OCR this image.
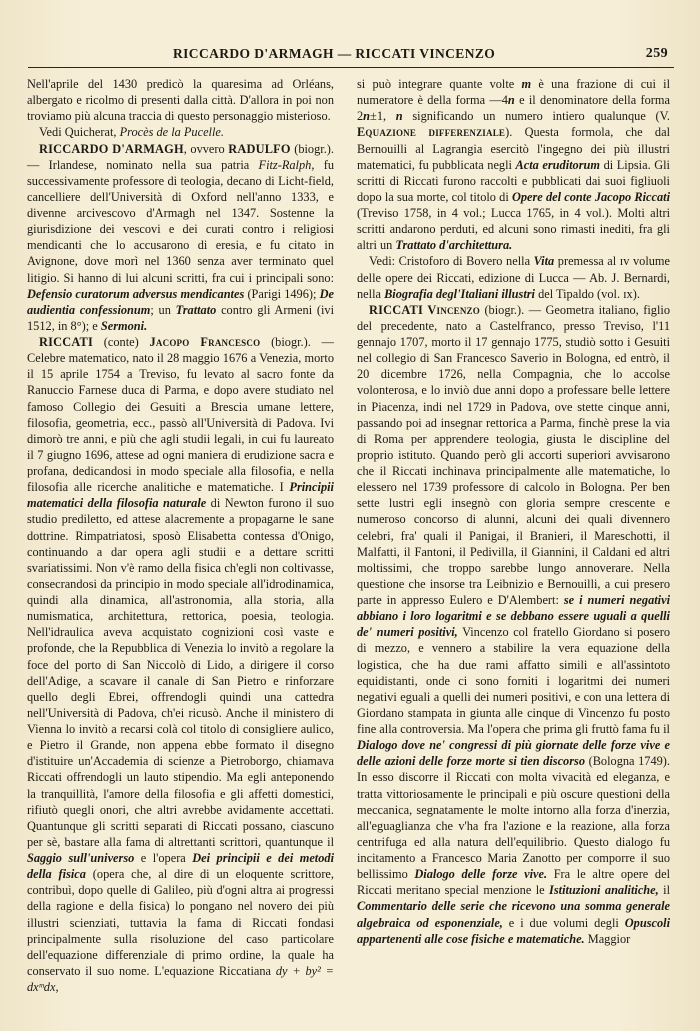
RICCARDO D'ARMAGH — RICCATI VINCENZO	259

Nell'aprile del 1430 predicò la quaresima ad Orléans, albergato e ricolmo di presenti dalla città. D'allora in poi non troviamo più alcuna traccia di questo personaggio misterioso.

Vedi Quicherat, Procès de la Pucelle.

RICCARDO D'ARMAGH, ovvero RADULFO (biogr.). — Irlandese, nominato nella sua patria Fitz-Ralph, fu successivamente professore di teologia, decano di Licht-field, cancelliere dell'Università di Oxford nell'anno 1333, e divenne arcivescovo d'Armagh nel 1347. Sostenne la giurisdizione dei vescovi e dei curati contro i religiosi mendicanti che lo accusarono di eresia, e fu citato in Avignone, dove morì nel 1360 senza aver terminato quel litigio. Si hanno di lui alcuni scritti, fra cui i principali sono: Defensio curatorum adversus mendicantes (Parigi 1496); De audientia confessionum; un Trattato contro gli Armeni (ivi 1512, in 8°); e Sermoni.

RICCATI (conte) Jacopo Francesco (biogr.). — Celebre matematico, nato il 28 maggio 1676 a Venezia, morto il 15 aprile 1754 a Treviso, fu levato al sacro fonte da Ranuccio Farnese duca di Parma, e dopo avere studiato nel famoso Collegio dei Gesuiti a Brescia umane lettere, filosofia, geometria, ecc., passò all'Università di Padova. Ivi dimorò tre anni, e più che agli studii legali, in cui fu laureato il 7 giugno 1696, attese ad ogni maniera di erudizione sacra e profana, dedicandosi in modo speciale alla filosofia, e nella filosofia alle ricerche analitiche e matematiche. I Principii matematici della filosofia naturale di Newton furono il suo studio prediletto, ed attese alacremente a propagarne le sane dottrine. Rimpatriatosi, sposò Elisabetta contessa d'Onigo, continuando a dar opera agli studii e a dettare scritti svariatissimi. Non v'è ramo della fisica ch'egli non coltivasse, consecrandosi da principio in modo speciale all'idrodinamica, quindi alla dinamica, all'astronomia, alla storia, alla numismatica, architettura, rettorica, poesia, teologia. Nell'idraulica aveva acquistato cognizioni così vaste e profonde, che la Repubblica di Venezia lo invitò a regolare la foce del porto di San Niccolò di Lido, a dirigere il corso dell'Adige, a scavare il canale di San Pietro e rinforzare quello degli Ebrei, offrendogli quindi una cattedra nell'Università di Padova, ch'ei ricusò. Anche il ministero di Vienna lo invitò a recarsi colà col titolo di consigliere aulico, e Pietro il Grande, non appena ebbe formato il disegno d'istituire un'Accademia di scienze a Pietroborgo, chiamava Riccati offrendogli un lauto stipendio. Ma egli anteponendo la tranquillità, l'amore della filosofia e gli affetti domestici, rifiutò quegli onori, che altri avrebbe avidamente accettati. Quantunque gli scritti separati di Riccati possano, ciascuno per sè, bastare alla fama di altrettanti scrittori, quantunque il Saggio sull'universo e l'opera Dei principii e dei metodi della fisica (opera che, al dire di un eloquente scrittore, contribuì, dopo quelle di Galileo, più d'ogni altra ai progressi della ragione e della fisica) lo pongano nel novero dei più illustri scienziati, tuttavia la fama di Riccati fondasi principalmente sulla risoluzione del caso particolare dell'equazione differenziale di primo ordine, la quale ha conservato il suo nome. L'equazione Riccatiana dy + by² = dxᵐdx,

si può integrare quante volte m è una frazione di cui il numeratore è della forma —4n e il denominatore della forma 2n±1, n significando un numero intiero qualunque (V. Equazione differenziale). Questa formola, che dal Bernouilli al Lagrangia esercitò l'ingegno dei più illustri matematici, fu pubblicata negli Acta eruditorum di Lipsia. Gli scritti di Riccati furono raccolti e pubblicati dai suoi figliuoli dopo la sua morte, col titolo di Opere del conte Jacopo Riccati (Treviso 1758, in 4 vol.; Lucca 1765, in 4 vol.). Molti altri scritti andarono perduti, ed alcuni sono rimasti inediti, fra gli altri un Trattato d'architettura.

Vedi: Cristoforo di Bovero nella Vita premessa al ɪᴠ volume delle opere dei Riccati, edizione di Lucca — Ab. J. Bernardi, nella Biografia degl'Italiani illustri del Tipaldo (vol. ɪx).

RICCATI Vincenzo (biogr.). — Geometra italiano, figlio del precedente, nato a Castelfranco, presso Treviso, l'11 gennajo 1707, morto il 17 gennajo 1775, studiò sotto i Gesuiti nel collegio di San Francesco Saverio in Bologna, ed entrò, il 20 dicembre 1726, nella Compagnia, che lo accolse volonterosa, e lo inviò due anni dopo a professare belle lettere in Piacenza, indi nel 1729 in Padova, ove stette cinque anni, passando poi ad insegnar rettorica a Parma, finchè prese la via di Roma per apprendere teologia, giusta le discipline del proprio istituto. Quando però gli accorti superiori avvisarono che il Riccati inchinava principalmente alle matematiche, lo elessero nel 1739 professore di calcolo in Bologna. Per ben sette lustri egli insegnò con gloria sempre crescente e numeroso concorso di alunni, alcuni dei quali divennero celebri, fra' quali il Panigai, il Branieri, il Mareschotti, il Malfatti, il Fantoni, il Pedivilla, il Giannini, il Caldani ed altri moltissimi, che troppo sarebbe lungo annoverare. Nella questione che insorse tra Leibnizio e Bernouilli, a cui presero parte in appresso Eulero e D'Alembert: se i numeri negativi abbiano i loro logaritmi e se debbano essere uguali a quelli de' numeri positivi, Vincenzo col fratello Giordano si posero di mezzo, e vennero a stabilire la vera equazione della logistica, che ha due rami affatto simili e all'assintoto equidistanti, onde ci sono forniti i logaritmi dei numeri negativi eguali a quelli dei numeri positivi, e con una lettera di Giordano stampata in giunta alle cinque di Vincenzo fu posto fine alla controversia. Ma l'opera che prima gli fruttò fama fu il Dialogo dove ne' congressi di più giornate delle forze vive e delle azioni delle forze morte si tien discorso (Bologna 1749). In esso discorre il Riccati con molta vivacità ed eleganza, e tratta vittoriosamente le principali e più oscure questioni della meccanica, segnatamente le molte intorno alla forza d'inerzia, all'eguaglianza che v'ha fra l'azione e la reazione, alla forza centrifuga ed alla natura dell'equilibrio. Questo dialogo fu incitamento a Francesco Maria Zanotto per comporre il suo bellissimo Dialogo delle forze vive. Fra le altre opere del Riccati meritano special menzione le Istituzioni analitiche, il Commentario delle serie che ricevono una somma generale algebraica od esponenziale, e i due volumi degli Opuscoli appartenenti alle cose fisiche e matematiche. Maggior
